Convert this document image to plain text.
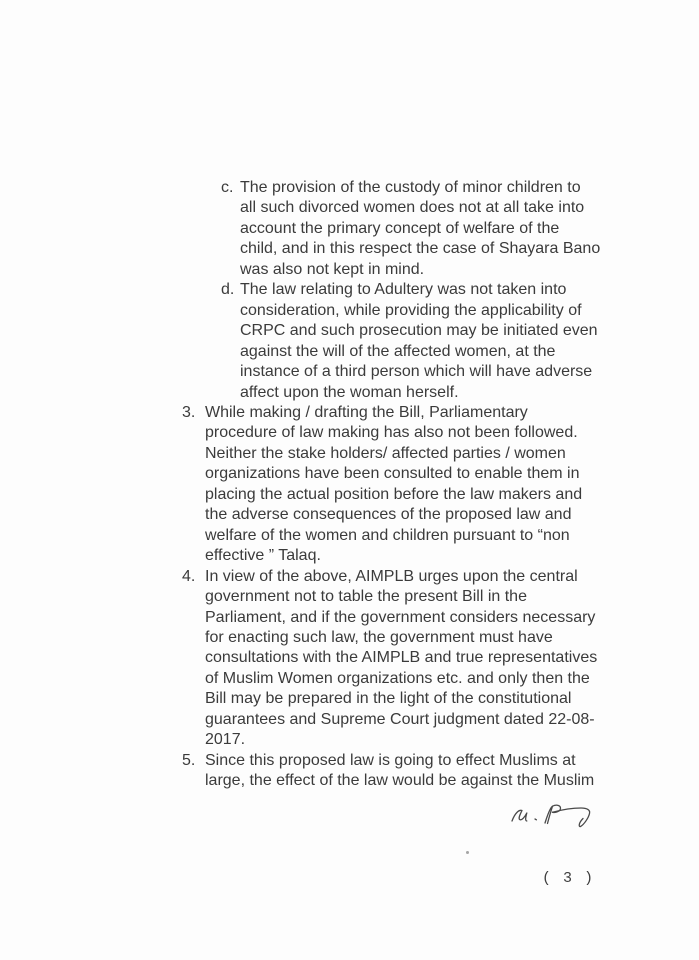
c. The provision of the custody of minor children to
all such divorced women does not at all take into
account the primary concept of welfare of the
child, and in this respect the case of Shayara Bano
was also not kept in mind.
d. The law relating to Adultery was not taken into
consideration, while providing the applicability of
CRPC and such prosecution may be initiated even
against the will of the affected women, at the
instance of a third person which will have adverse
affect upon the woman herself.
3. While making / drafting the Bill, Parliamentary
procedure of law making has also not been followed.
Neither the stake holders/ affected parties / women
organizations have been consulted to enable them in
placing the actual position before the law makers and
the adverse consequences of the proposed law and
welfare of the women and children pursuant to “non
effective ” Talaq.
4. In view of the above, AIMPLB urges upon the central
government not to table the present Bill in the
Parliament, and if the government considers necessary
for enacting such law, the government must have
consultations with the AIMPLB and true representatives
of Muslim Women organizations etc. and only then the
Bill may be prepared in the light of the constitutional
guarantees and Supreme Court judgment dated 22-08-
2017.
5. Since this proposed law is going to effect Muslims at
large, the effect of the law would be against the Muslim
( 3 )
